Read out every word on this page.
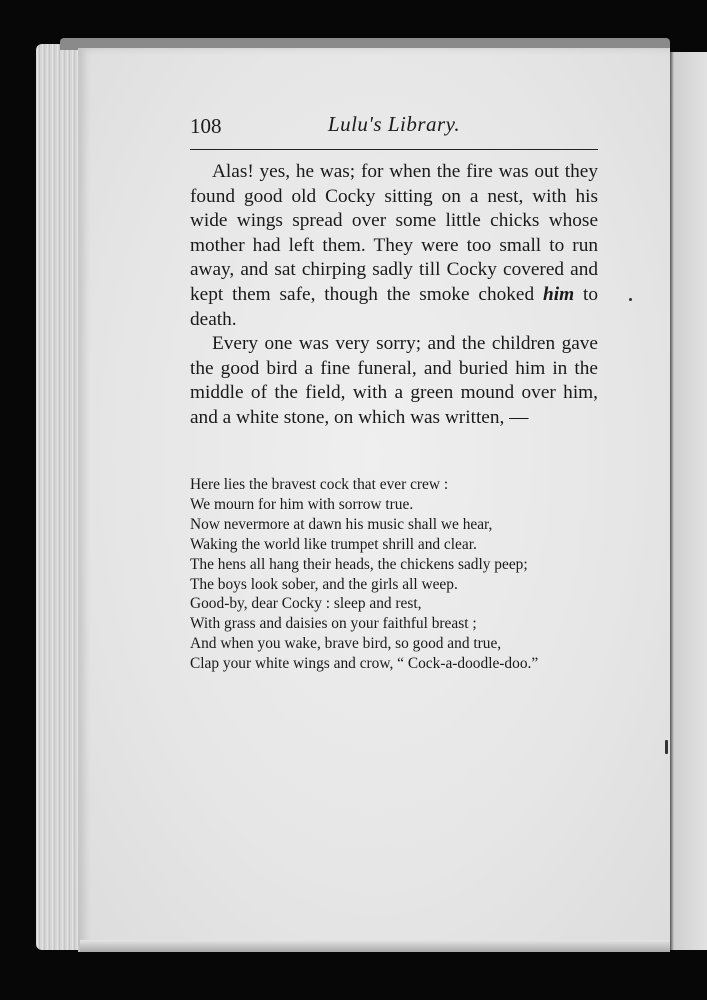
108	Lulu's Library.

Alas! yes, he was; for when the fire was out they found good old Cocky sitting on a nest, with his wide wings spread over some little chicks whose mother had left them. They were too small to run away, and sat chirping sadly till Cocky covered and kept them safe, though the smoke choked him to death.

Every one was very sorry; and the children gave the good bird a fine funeral, and buried him in the middle of the field, with a green mound over him, and a white stone, on which was written, —

Here lies the bravest cock that ever crew :
We mourn for him with sorrow true.
Now nevermore at dawn his music shall we hear,
Waking the world like trumpet shrill and clear.
The hens all hang their heads, the chickens sadly peep;
The boys look sober, and the girls all weep.
Good-by, dear Cocky : sleep and rest,
With grass and daisies on your faithful breast ;
And when you wake, brave bird, so good and true,
Clap your white wings and crow, “ Cock-a-doodle-doo.”
